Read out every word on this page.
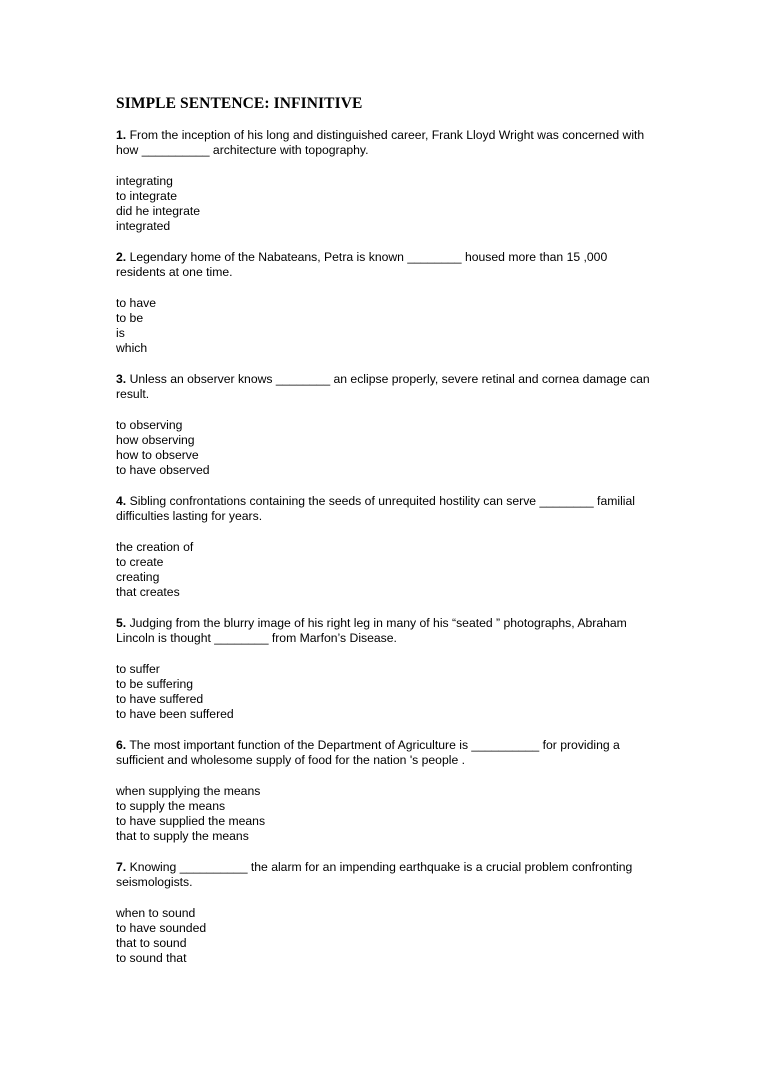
SIMPLE SENTENCE: INFINITIVE

1. From the inception of his long and distinguished career, Frank Lloyd Wright was concerned with how __________ architecture with topography.

integrating
to integrate
did he integrate
integrated

2. Legendary home of the Nabateans, Petra is known ________ housed more than 15 ,000 residents at one time.

to have
to be
is
which

3. Unless an observer knows ________ an eclipse properly, severe retinal and cornea damage can result.

to observing
how observing
how to observe
to have observed

4. Sibling confrontations containing the seeds of unrequited hostility can serve ________ familial difficulties lasting for years.

the creation of
to create
creating
that creates

5. Judging from the blurry image of his right leg in many of his “seated ” photographs, Abraham Lincoln is thought ________ from Marfon’s Disease.

to suffer
to be suffering
to have suffered
to have been suffered

6. The most important function of the Department of Agriculture is __________ for providing a sufficient and wholesome supply of food for the nation 's people .

when supplying the means
to supply the means
to have supplied the means
that to supply the means

7. Knowing __________ the alarm for an impending earthquake is a crucial problem confronting seismologists.

when to sound
to have sounded
that to sound
to sound that
